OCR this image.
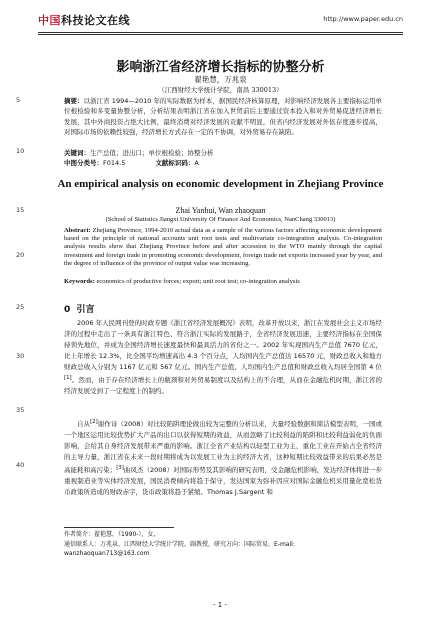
中国科技论文在线	http://www.paper.edu.cn
5
10
15
20
25
30
35
40
影响浙江省经济增长指标的协整分析
翟艳慧，万兆泉
（江西财经大学统计学院，南昌 330013）
摘要：以浙江省 1994—2010 年的实际数据为样本，据国民经济核算原理，对影响经济发展各主要指标运用单位根检验和多变量协整分析，分析结果表明浙江省在加入世贸前后主要通过资本投入和对外贸易促进经济增长发展，其中外商投资占绝大比例，最终消费对经济发展的贡献不明显，但省内经济发展对外依存度逐步提高，对国际市场的依赖性较强，经济增长方式存在一定的不协调，对外贸易存在缺陷。
关键词：生产总值；进出口；单位根检验；协整分析
中图分类号：F014.5	文献标识码：A
An empirical analysis on economic development in Zhejiang Province
Zhai Yanhui, Wan zhaoquan
(School of Statistics Jiangxi University Of Finance And Economics, NanChang 330013)
Abstract: Zhejiang Province, 1994-2010 actual data as a sample of the various factors affecting economic development based on the principle of national accounts unit root tests and multivariate co-integration analysis. Co-integration analysis results show that Zhejiang Province before and after accession to the WTO mainly through the capital investment and foreign trade in promoting economic development, foreign trade net exports increased year by year, and the degree of influence of the province of output value was increasing.
Keywords: economics of productive forces; export; unit root test; co-integration analysis
0 引言
2006 年人民网刊登的时政专题《浙江省经济发展概况》表明，改革开放以来，浙江在发展社会主义市场经济的过程中走出了一条具有浙江特色、符合浙江实际的发展路子，全省经济发展迅速，主要经济指标在全国保持领先地位，并成为全国经济增长速度最快和最具活力的省份之一。2002 年实现国内生产总值 7670 亿元，比上年增长 12.3%，比全国平均增速高出 4.3 个百分点，人均国内生产总值达 16570 元，财政总收入和地方财政总收入分别为 1167 亿元和 567 亿元。国内生产总值、人均国内生产总值和财政总收入均居全国第 4 位[1]。然而，由于存在经济增长上的瓶颈和对外贸易制度以及结构上的不合理，从而在金融危机时期，浙江省的经济发展受到了一定程度上的制约。
自从[2]谢作诗（2008）对比较陷阱理论做出较为完整的分析以来，大量经验数据和简洁模型表明，一国或一个地区运用比较优势扩大产品的出口以获得短期的效益，从而忽略了比较利益的陷阱和比较利益弱化的负面影响，会给其自身经济发展带来严重的影响。浙江全省产业结构以轻型工业为主，重化工业在开始占全省经济的主导力量，浙江省在未来一段时期将成为以发展工业为主的经济大省，这种短期比较效益带来的后果必然是高能耗和高污染；[3]曲凤杰（2008）对国际形势及其影响的研究表明，受金融危机影响，发达经济体将进一步重视制造业等实体经济发展，国民消费倾向将趋于保守，发达国家为弥补因应对国际金融危机采用量化宽松货币政策所造成的财政赤字，货币政策将趋于紧缩。Thomas J.Sargent 和
作者简介：翟艳慧，（1990-），女，
通信联系人：万兆泉，江西财经大学统计学院，副教授，研究方向：国际贸易，E-mail:
wanzhaoquan713@163.com
- 1 -
